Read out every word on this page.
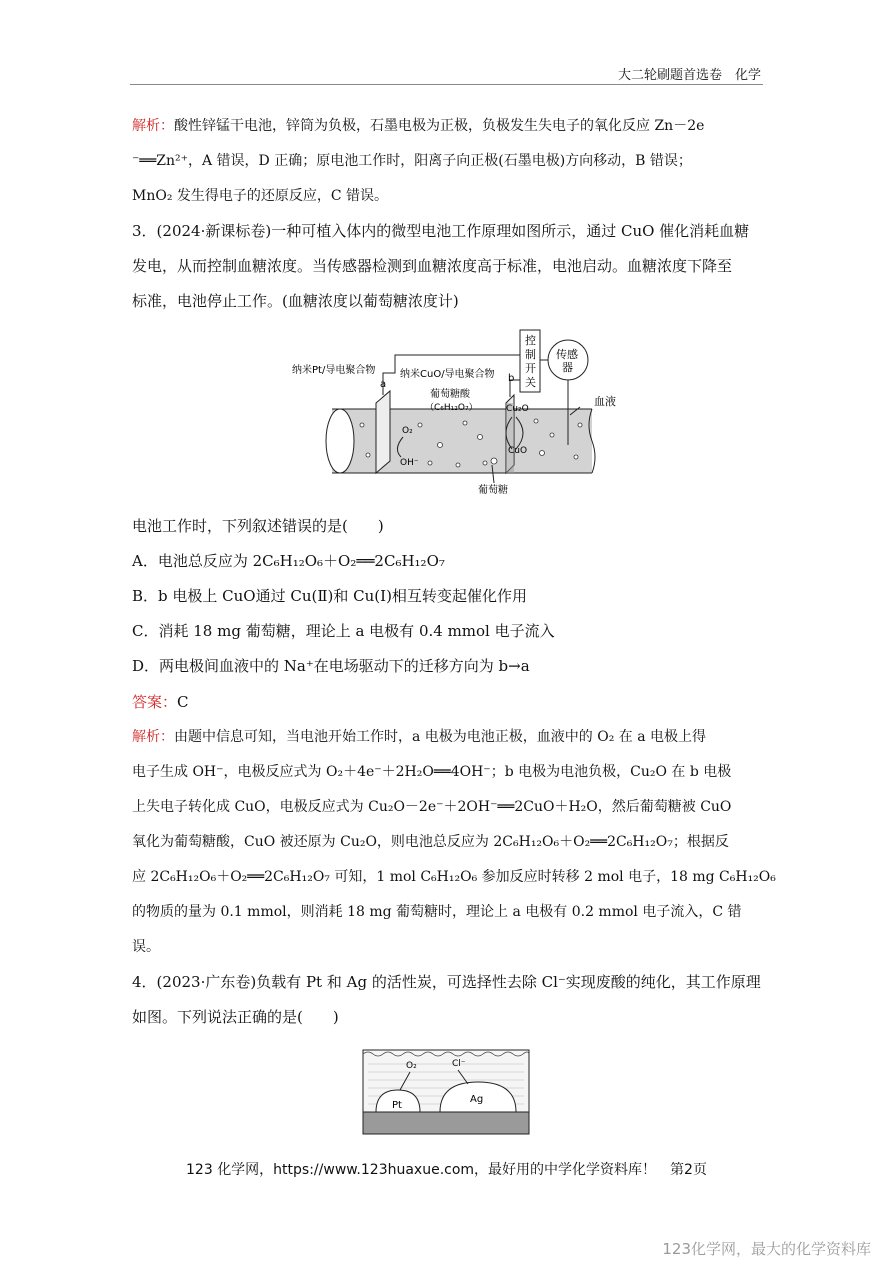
大二轮刷题首选卷　化学
解析：酸性锌锰干电池，锌筒为负极，石墨电极为正极，负极发生失电子的氧化反应 Zn－2e
⁻══Zn²⁺，A 错误，D 正确；原电池工作时，阳离子向正极(石墨电极)方向移动，B 错误；
MnO₂ 发生得电子的还原反应，C 错误。
3．(2024·新课标卷)一种可植入体内的微型电池工作原理如图所示，通过 CuO 催化消耗血糖
发电，从而控制血糖浓度。当传感器检测到血糖浓度高于标准，电池启动。血糖浓度下降至
标准，电池停止工作。(血糖浓度以葡萄糖浓度计)
纳米Pt/导电聚合物
a
纳米CuO/导电聚合物 b
控
制
开
关
传感
器
葡萄糖酸
（C₆H₁₂O₇）	Cu₂O
CuO
O₂
OH⁻
血液
葡萄糖
电池工作时，下列叙述错误的是(　　)
A．电池总反应为 2C₆H₁₂O₆＋O₂══2C₆H₁₂O₇
B．b 电极上 CuO通过 Cu(Ⅱ)和 Cu(Ⅰ)相互转变起催化作用
C．消耗 18 mg 葡萄糖，理论上 a 电极有 0.4 mmol 电子流入
D．两电极间血液中的 Na⁺在电场驱动下的迁移方向为 b→a
答案：C
解析：由题中信息可知，当电池开始工作时，a 电极为电池正极，血液中的 O₂ 在 a 电极上得
电子生成 OH⁻，电极反应式为 O₂＋4e⁻＋2H₂O══4OH⁻；b 电极为电池负极，Cu₂O 在 b 电极
上失电子转化成 CuO，电极反应式为 Cu₂O－2e⁻＋2OH⁻══2CuO＋H₂O，然后葡萄糖被 CuO
氧化为葡萄糖酸，CuO 被还原为 Cu₂O，则电池总反应为 2C₆H₁₂O₆＋O₂══2C₆H₁₂O₇；根据反
应 2C₆H₁₂O₆＋O₂══2C₆H₁₂O₇ 可知，1 mol C₆H₁₂O₆ 参加反应时转移 2 mol 电子，18 mg C₆H₁₂O₆
的物质的量为 0.1 mmol，则消耗 18 mg 葡萄糖时，理论上 a 电极有 0.2 mmol 电子流入，C 错
误。
4．(2023·广东卷)负载有 Pt 和 Ag 的活性炭，可选择性去除 Cl⁻实现废酸的纯化，其工作原理
如图。下列说法正确的是(　　)
Pt
Ag
O₂	Cl⁻
123 化学网，https://www.123huaxue.com，最好用的中学化学资料库！　第2页
123化学网，最大的化学资料库
